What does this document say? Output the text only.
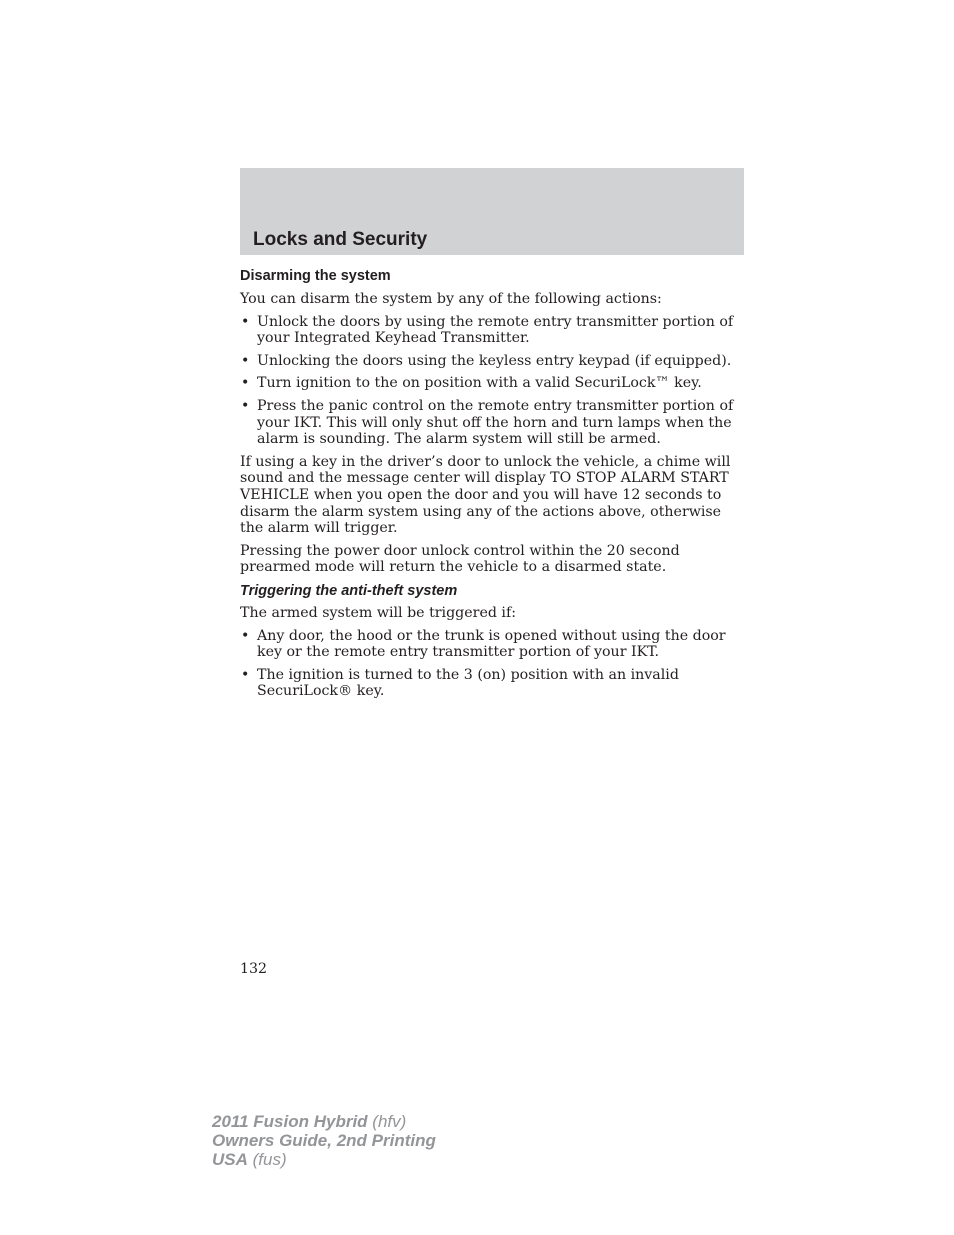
Locks and Security
Disarming the system

You can disarm the system by any of the following actions:

• Unlock the doors by using the remote entry transmitter portion of your Integrated Keyhead Transmitter.
• Unlocking the doors using the keyless entry keypad (if equipped).
• Turn ignition to the on position with a valid SecuriLock™ key.
• Press the panic control on the remote entry transmitter portion of your IKT. This will only shut off the horn and turn lamps when the alarm is sounding. The alarm system will still be armed.

If using a key in the driver’s door to unlock the vehicle, a chime will sound and the message center will display TO STOP ALARM START VEHICLE when you open the door and you will have 12 seconds to disarm the alarm system using any of the actions above, otherwise the alarm will trigger.

Pressing the power door unlock control within the 20 second prearmed mode will return the vehicle to a disarmed state.

Triggering the anti-theft system

The armed system will be triggered if:

• Any door, the hood or the trunk is opened without using the door key or the remote entry transmitter portion of your IKT.
• The ignition is turned to the 3 (on) position with an invalid SecuriLock® key.
132
2011 Fusion Hybrid (hfv)
Owners Guide, 2nd Printing
USA (fus)
